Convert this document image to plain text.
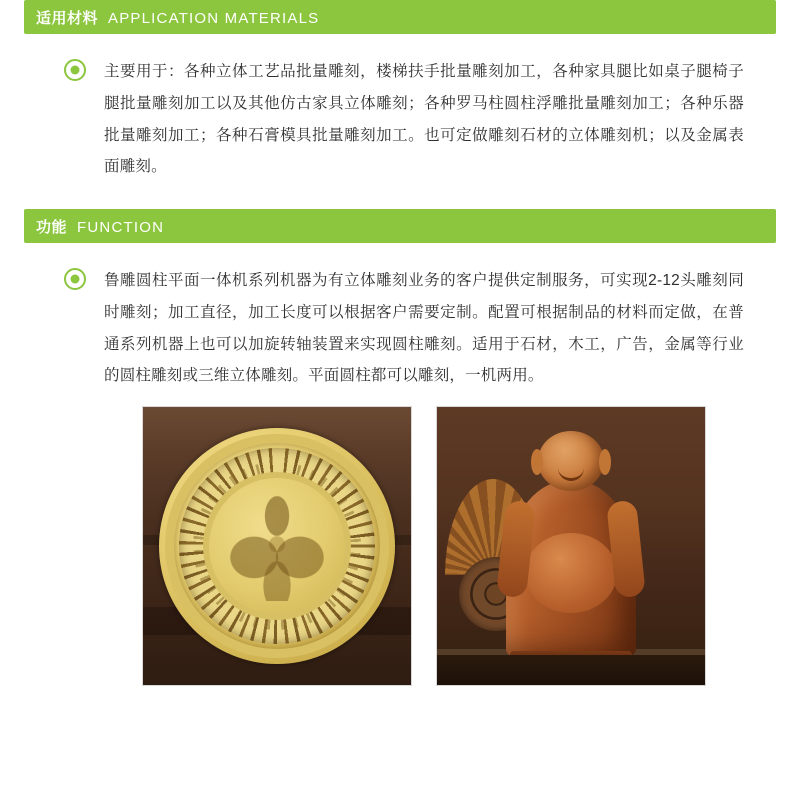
适用材料 APPLICATION MATERIALS
主要用于：各种立体工艺品批量雕刻，楼梯扶手批量雕刻加工，各种家具腿比如桌子腿椅子腿批量雕刻加工以及其他仿古家具立体雕刻；各种罗马柱圆柱浮雕批量雕刻加工；各种乐器批量雕刻加工；各种石膏模具批量雕刻加工。也可定做雕刻石材的立体雕刻机；以及金属表面雕刻。
功能 FUNCTION
鲁雕圆柱平面一体机系列机器为有立体雕刻业务的客户提供定制服务，可实现2-12头雕刻同时雕刻；加工直径，加工长度可以根据客户需要定制。配置可根据制品的材料而定做，在普通系列机器上也可以加旋转轴装置来实现圆柱雕刻。适用于石材，木工，广告，金属等行业的圆柱雕刻或三维立体雕刻。平面圆柱都可以雕刻，一机两用。
